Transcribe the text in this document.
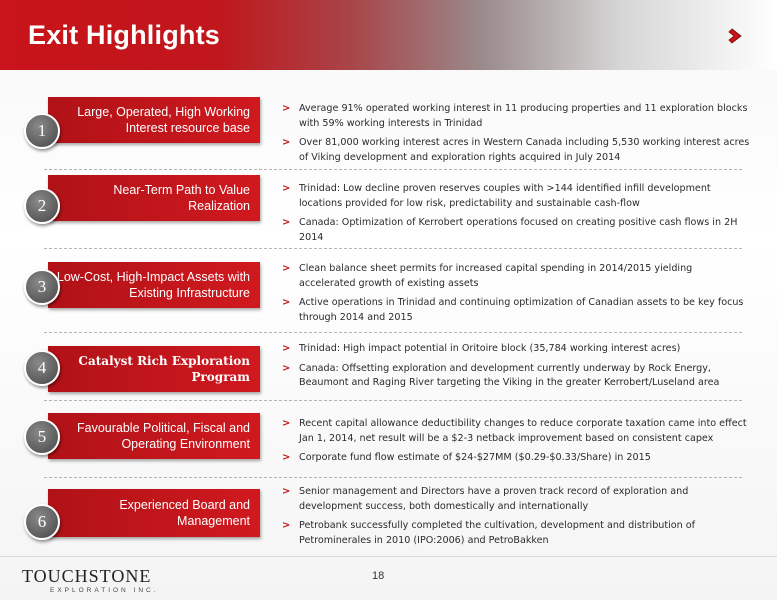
Exit Highlights
Large, Operated, High Working
Interest resource base
1
> Average 91% operated working interest in 11 producing properties and 11 exploration blocks with 59% working interests in Trinidad
> Over 81,000 working interest acres in Western Canada including 5,530 working interest acres of Viking development and exploration rights acquired in July 2014
Near-Term Path to Value
Realization
2
> Trinidad: Low decline proven reserves couples with >144 identified infill development locations provided for low risk, predictability and sustainable cash-flow
> Canada: Optimization of Kerrobert operations focused on creating positive cash flows in 2H 2014
Low-Cost, High-Impact Assets with
Existing Infrastructure
3
> Clean balance sheet permits for increased capital spending in 2014/2015 yielding accelerated growth of existing assets
> Active operations in Trinidad and continuing optimization of Canadian assets to be key focus through 2014 and 2015
Catalyst Rich Exploration Program
4
> Trinidad: High impact potential in Oritoire block (35,784 working interest acres)
> Canada: Offsetting exploration and development currently underway by Rock Energy, Beaumont and Raging River targeting the Viking in the greater Kerrobert/Luseland area
Favourable Political, Fiscal and
Operating Environment
5
> Recent capital allowance deductibility changes to reduce corporate taxation came into effect Jan 1, 2014, net result will be a $2-3 netback improvement based on consistent capex
> Corporate fund flow estimate of $24-$27MM ($0.29-$0.33/Share) in 2015
Experienced Board and
Management
6
> Senior management and Directors have a proven track record of exploration and development success, both domestically and internationally
> Petrobank successfully completed the cultivation, development and distribution of Petrominerales in 2010 (IPO:2006) and PetroBakken
TOUCHSTONE
EXPLORATION INC.
18
